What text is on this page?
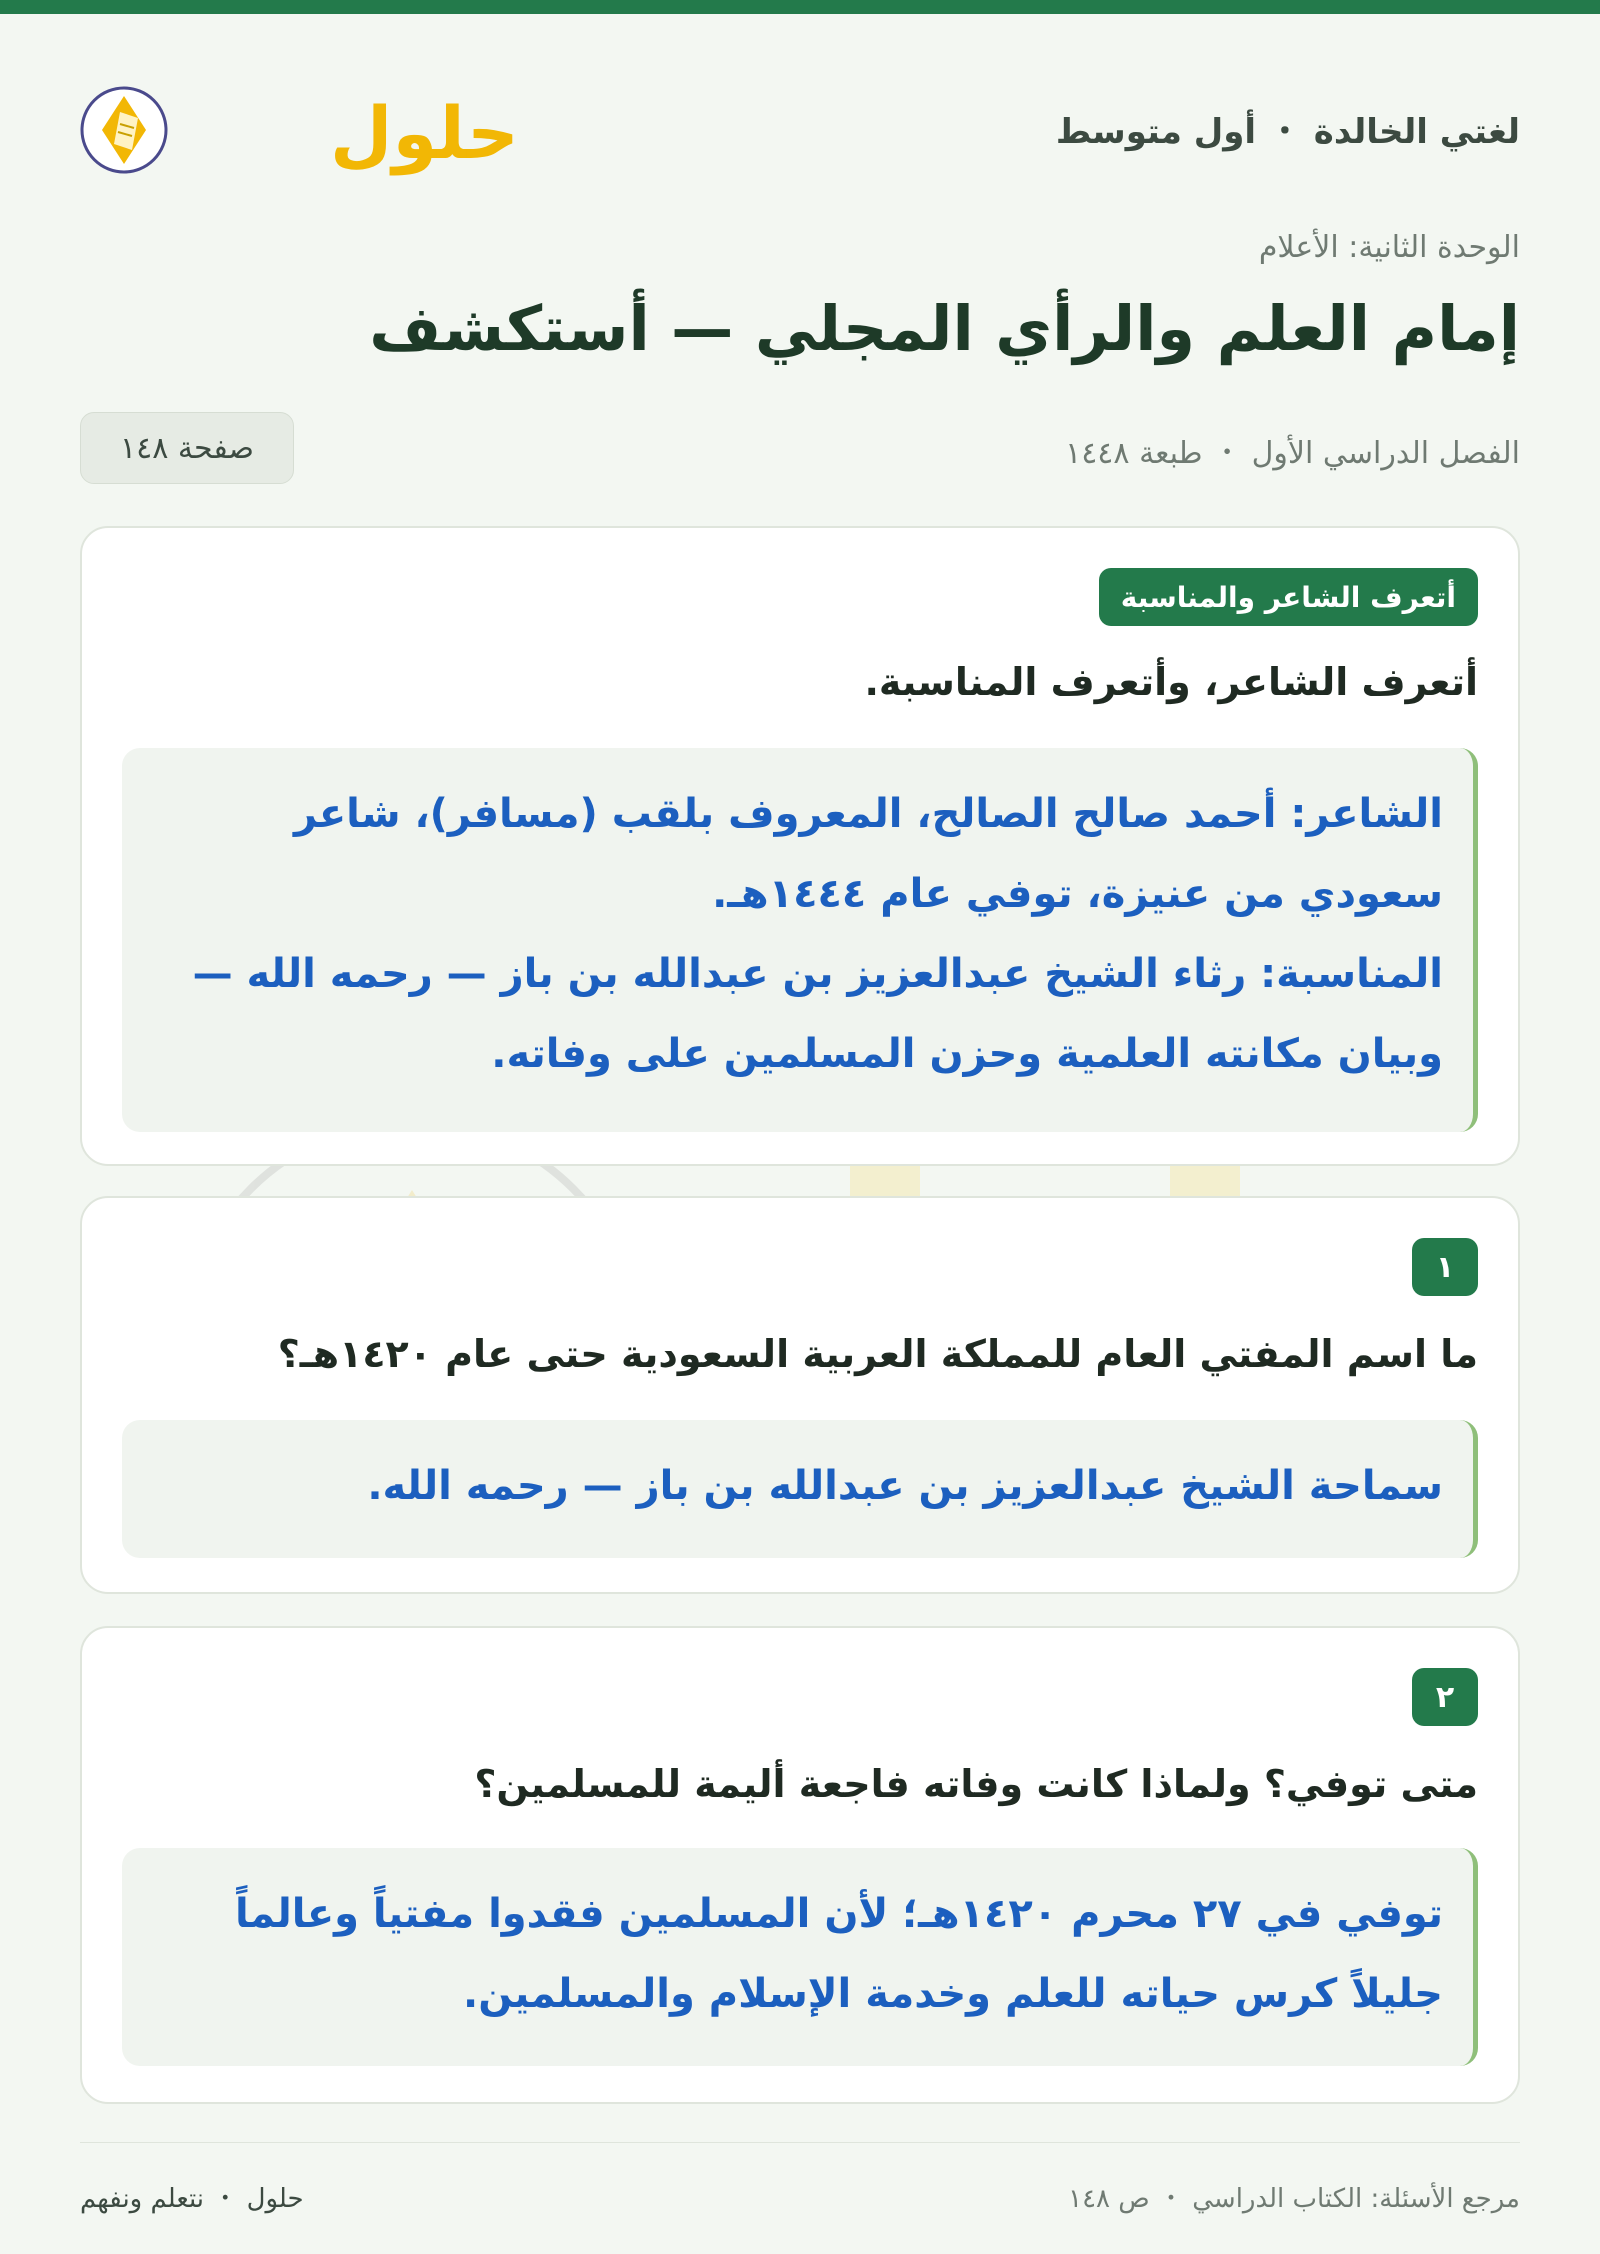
لغتي الخالدة ・ أول متوسط
حلول
الوحدة الثانية: الأعلام
إمام العلم والرأي المجلي — أستكشف
الفصل الدراسي الأول ・ طبعة ١٤٤٨
صفحة ١٤٨
أتعرف الشاعر والمناسبة

أتعرف الشاعر، وأتعرف المناسبة.

الشاعر: أحمد صالح الصالح، المعروف بلقب (مسافر)، شاعر

سعودي من عنيزة، توفي عام ١٤٤٤هـ.

المناسبة: رثاء الشيخ عبدالعزيز بن عبدالله بن باز — رحمه الله —

وبيان مكانته العلمية وحزن المسلمين على وفاته.

١

ما اسم المفتي العام للمملكة العربية السعودية حتى عام ١٤٢٠هـ؟

سماحة الشيخ عبدالعزيز بن عبدالله بن باز — رحمه الله.

٢

متى توفي؟ ولماذا كانت وفاته فاجعة أليمة للمسلمين؟

توفي في ٢٧ محرم ١٤٢٠هـ؛ لأن المسلمين فقدوا مفتياً وعالماً

جليلاً كرس حياته للعلم وخدمة الإسلام والمسلمين.

مرجع الأسئلة: الكتاب الدراسي ・ ص ١٤٨
حلول ・ نتعلم ونفهم
